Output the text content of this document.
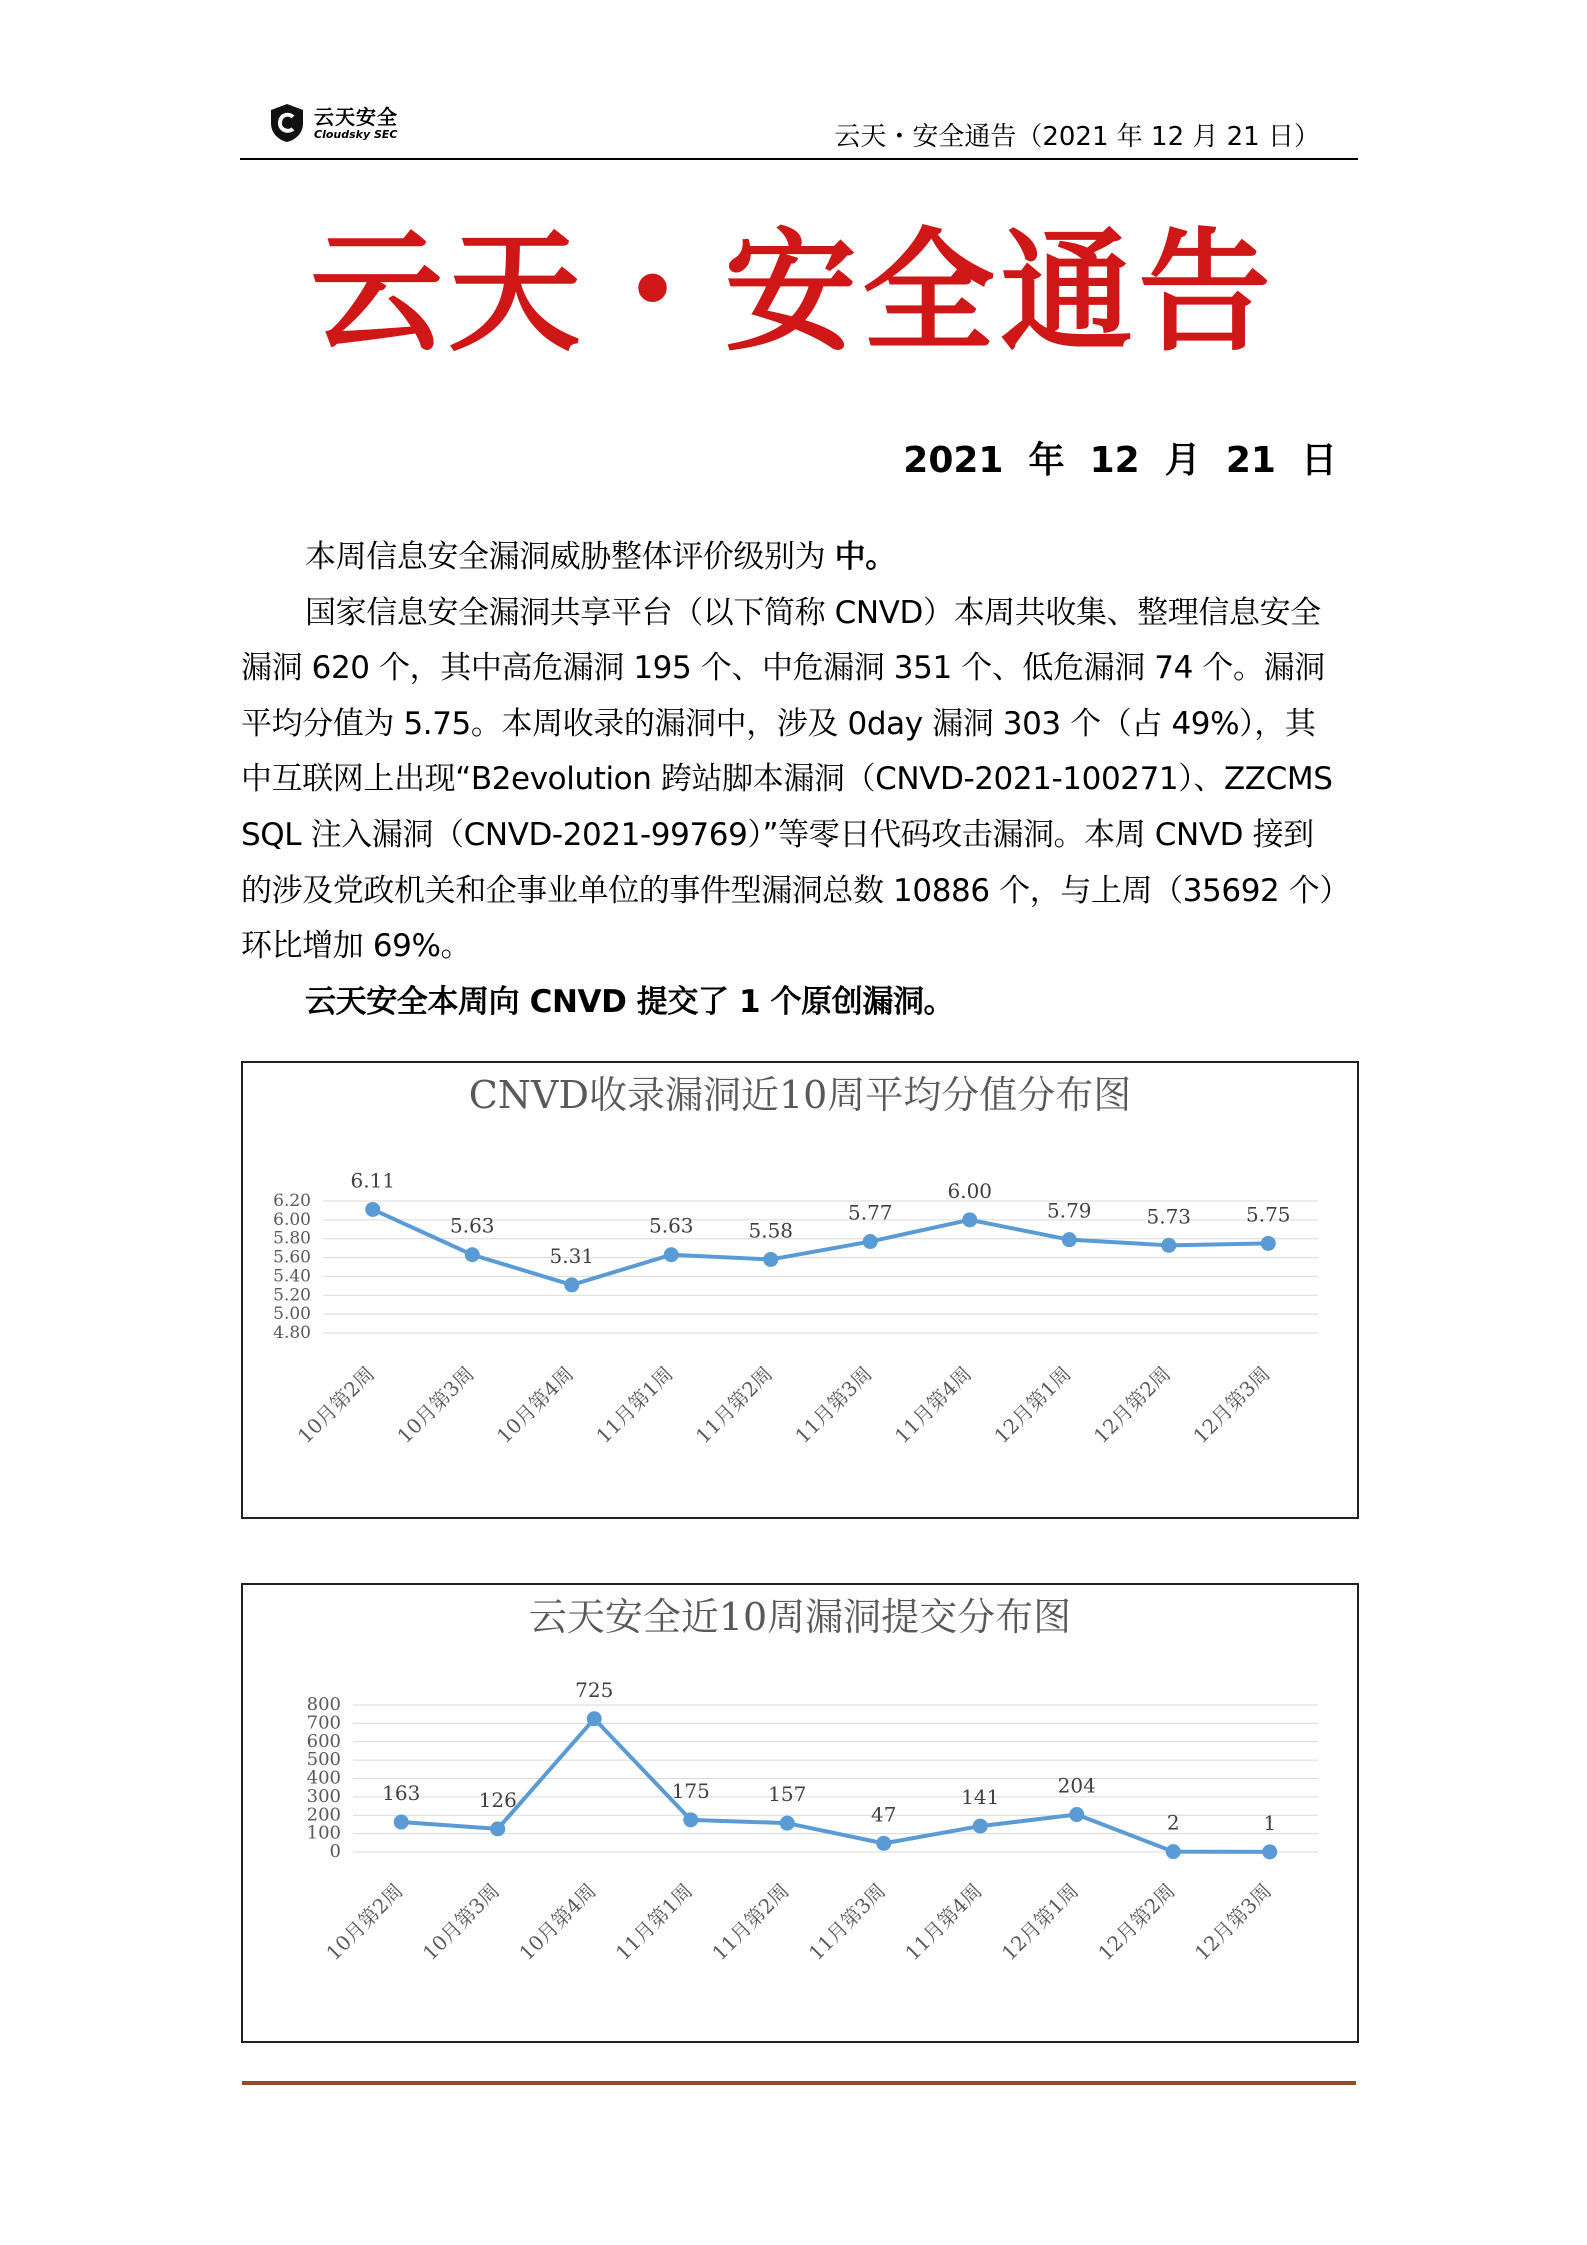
云天安全
Cloudsky SEC	云天・安全通告（2021 年 12 月 21 日）
云天・安全通告
2021  年  12  月  21  日

本周信息安全漏洞威胁整体评价级别为 中。

国家信息安全漏洞共享平台（以下简称 CNVD）本周共收集、整理信息安全漏洞 620 个，其中高危漏洞 195 个、中危漏洞 351 个、低危漏洞 74 个。漏洞平均分值为 5.75。本周收录的漏洞中，涉及 0day 漏洞 303 个（占 49%），其中互联网上出现“B2evolution 跨站脚本漏洞（CNVD-2021-100271）、ZZCMS SQL 注入漏洞（CNVD-2021-99769）”等零日代码攻击漏洞。本周 CNVD 接到的涉及党政机关和企事业单位的事件型漏洞总数 10886 个，与上周（35692 个）环比增加 69%。

云天安全本周向 CNVD 提交了 1 个原创漏洞。

CNVD收录漏洞近10周平均分值分布图
4.80
5.00
5.20
5.40
5.60
5.80
6.00
6.20
6.11
10月第2周
5.63
10月第3周
5.31
10月第4周
5.63
11月第1周
5.58
11月第2周
5.77
11月第3周
6.00
11月第4周
5.79
12月第1周
5.73
12月第2周
5.75
12月第3周
云天安全近10周漏洞提交分布图
0
100
200
300
400
500
600
700
800
163
10月第2周
126
10月第3周
725
10月第4周
175
11月第1周
157
11月第2周
47
11月第3周
141
11月第4周
204
12月第1周
2
12月第2周
1
12月第3周
